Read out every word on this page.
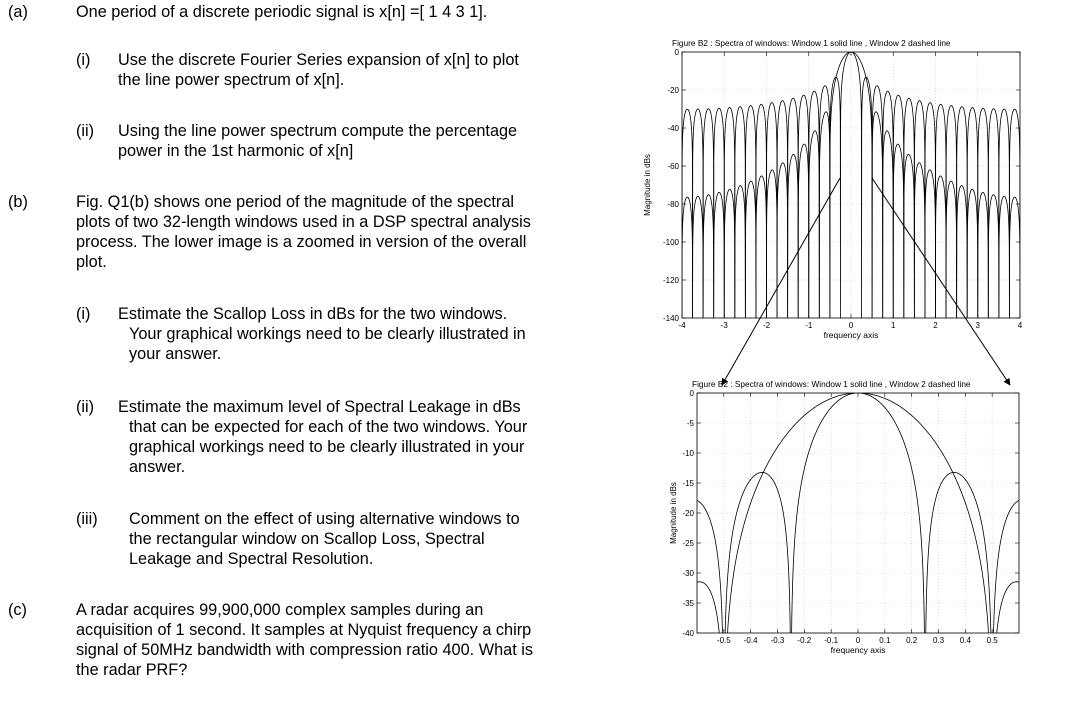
(a)	One period of a discrete periodic signal is x[n] =[ 1 4 3 1].
(i) Use the discrete Fourier Series expansion of x[n] to plot
the line power spectrum of x[n].
(ii) Using the line power spectrum compute the percentage
power in the 1st harmonic of x[n]
(b)	Fig. Q1(b) shows one period of the magnitude of the spectral
plots of two 32-length windows used in a DSP spectral analysis
process. The lower image is a zoomed in version of the overall
plot.
(i) Estimate the Scallop Loss in dBs for the two windows.
Your graphical workings need to be clearly illustrated in
your answer.
(ii) Estimate the maximum level of Spectral Leakage in dBs
that can be expected for each of the two windows. Your
graphical workings need to be clearly illustrated in your
answer.
(iii) Comment on the effect of using alternative windows to
the rectangular window on Scallop Loss, Spectral
Leakage and Spectral Resolution.
(c)	A radar acquires 99,900,000 complex samples during an
acquisition of 1 second. It samples at Nyquist frequency a chirp
signal of 50MHz bandwidth with compression ratio 400. What is
the radar PRF?
-4	-3	-2	-1	0	1	2	3	4
0
-20
-40
-60
-80
-100
-120
-140
Figure B2 : Spectra of windows: Window 1 solid line , Window 2 dashed line
frequency axis
Magnitude in dBs
-0.5 -0.4 -0.3 -0.2 -0.1 0 0.1 0.2 0.3 0.4 0.5
0
-5
-10
-15
-20
-25
-30
-35
-40
Figure B2 : Spectra of windows: Window 1 solid line , Window 2 dashed line
frequency axis
Magnitude in dBs
